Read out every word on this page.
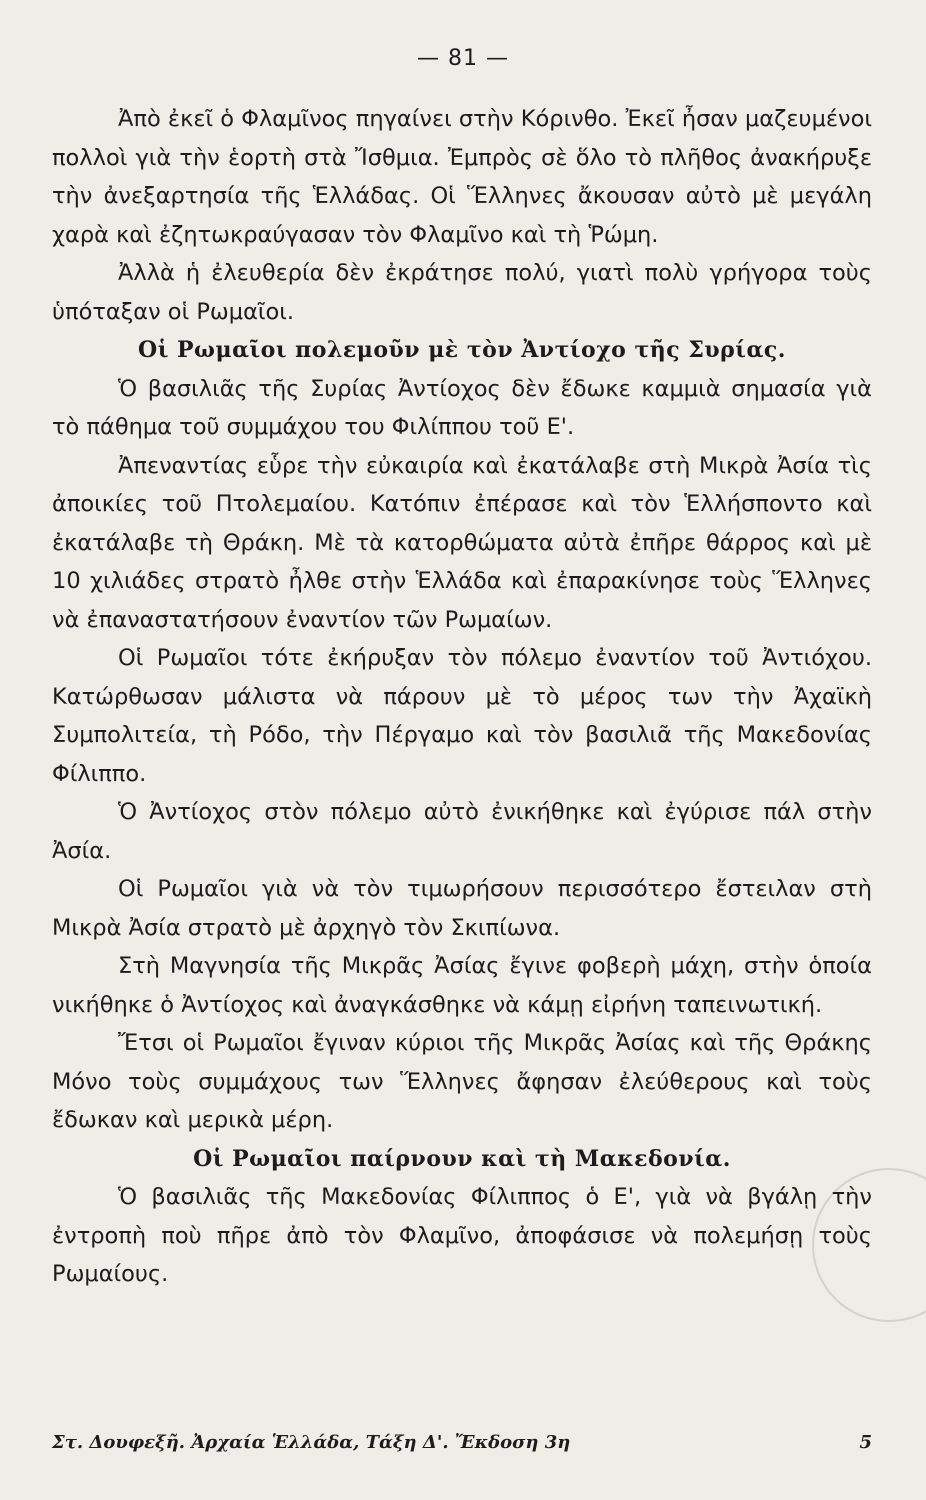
— 81 —

Ἀπὸ ἐκεῖ ὁ Φλαμῖνος πηγαίνει στὴν Κόρινθο. Ἐκεῖ ἦσαν μαζευμένοι πολλοὶ γιὰ τὴν ἑορτὴ στὰ Ἴσθμια. Ἐμπρὸς σὲ ὅλο τὸ πλῆθος ἀνακήρυξε τὴν ἀνεξαρτησία τῆς Ἑλλάδας. Οἱ Ἕλληνες ἄκουσαν αὐτὸ μὲ μεγάλη χαρὰ καὶ ἐζητωκραύγασαν τὸν Φλαμῖνο καὶ τὴ Ῥώμη.

Ἀλλὰ ἡ ἐλευθερία δὲν ἐκράτησε πολύ, γιατὶ πολὺ γρήγορα τοὺς ὑπόταξαν οἱ Ρωμαῖοι.

Οἱ Ρωμαῖοι πολεμοῦν μὲ τὸν Ἀντίοχο τῆς Συρίας.

Ὁ βασιλιᾶς τῆς Συρίας Ἀντίοχος δὲν ἔδωκε καμμιὰ σημασία γιὰ τὸ πάθημα τοῦ συμμάχου του Φιλίππου τοῦ Ε'.

Ἀπεναντίας εὗρε τὴν εὐκαιρία καὶ ἐκατάλαβε στὴ Μικρὰ Ἀσία τὶς ἀποικίες τοῦ Πτολεμαίου. Κατόπιν ἐπέρασε καὶ τὸν Ἑλλήσποντο καὶ ἐκατάλαβε τὴ Θράκη. Μὲ τὰ κατορθώματα αὐτὰ ἐπῆρε θάρρος καὶ μὲ 10 χιλιάδες στρατὸ ἦλθε στὴν Ἑλλάδα καὶ ἐπαρακίνησε τοὺς Ἕλληνες νὰ ἐπαναστατήσουν ἐναντίον τῶν Ρωμαίων.

Οἱ Ρωμαῖοι τότε ἐκήρυξαν τὸν πόλεμο ἐναντίον τοῦ Ἀντιόχου. Κατώρθωσαν μάλιστα νὰ πάρουν μὲ τὸ μέρος των τὴν Ἀχαϊκὴ Συμπολιτεία, τὴ Ρόδο, τὴν Πέργαμο καὶ τὸν βασιλιᾶ τῆς Μακεδονίας Φίλιππο.

Ὁ Ἀντίοχος στὸν πόλεμο αὐτὸ ἐνικήθηκε καὶ ἐγύρισε πάλ στὴν Ἀσία.

Οἱ Ρωμαῖοι γιὰ νὰ τὸν τιμωρήσουν περισσότερο ἔστειλαν στὴ Μικρὰ Ἀσία στρατὸ μὲ ἀρχηγὸ τὸν Σκιπίωνα.

Στὴ Μαγνησία τῆς Μικρᾶς Ἀσίας ἔγινε φοβερὴ μάχη, στὴν ὁποία νικήθηκε ὁ Ἀντίοχος καὶ ἀναγκάσθηκε νὰ κάμῃ εἰρήνη ταπεινωτική.

Ἔτσι οἱ Ρωμαῖοι ἔγιναν κύριοι τῆς Μικρᾶς Ἀσίας καὶ τῆς Θράκης Μόνο τοὺς συμμάχους των Ἕλληνες ἄφησαν ἐλεύθερους καὶ τοὺς ἔδωκαν καὶ μερικὰ μέρη.

Οἱ Ρωμαῖοι παίρνουν καὶ τὴ Μακεδονία.

Ὁ βασιλιᾶς τῆς Μακεδονίας Φίλιππος ὁ Ε', γιὰ νὰ βγάλῃ τὴν ἐντροπὴ ποὺ πῆρε ἀπὸ τὸν Φλαμῖνο, ἀποφάσισε νὰ πολεμήσῃ τοὺς Ρωμαίους.

Στ. Δουφεξῆ. Ἀρχαία Ἑλλάδα, Τάξη Δ'. Ἔκδοση 3η	5
